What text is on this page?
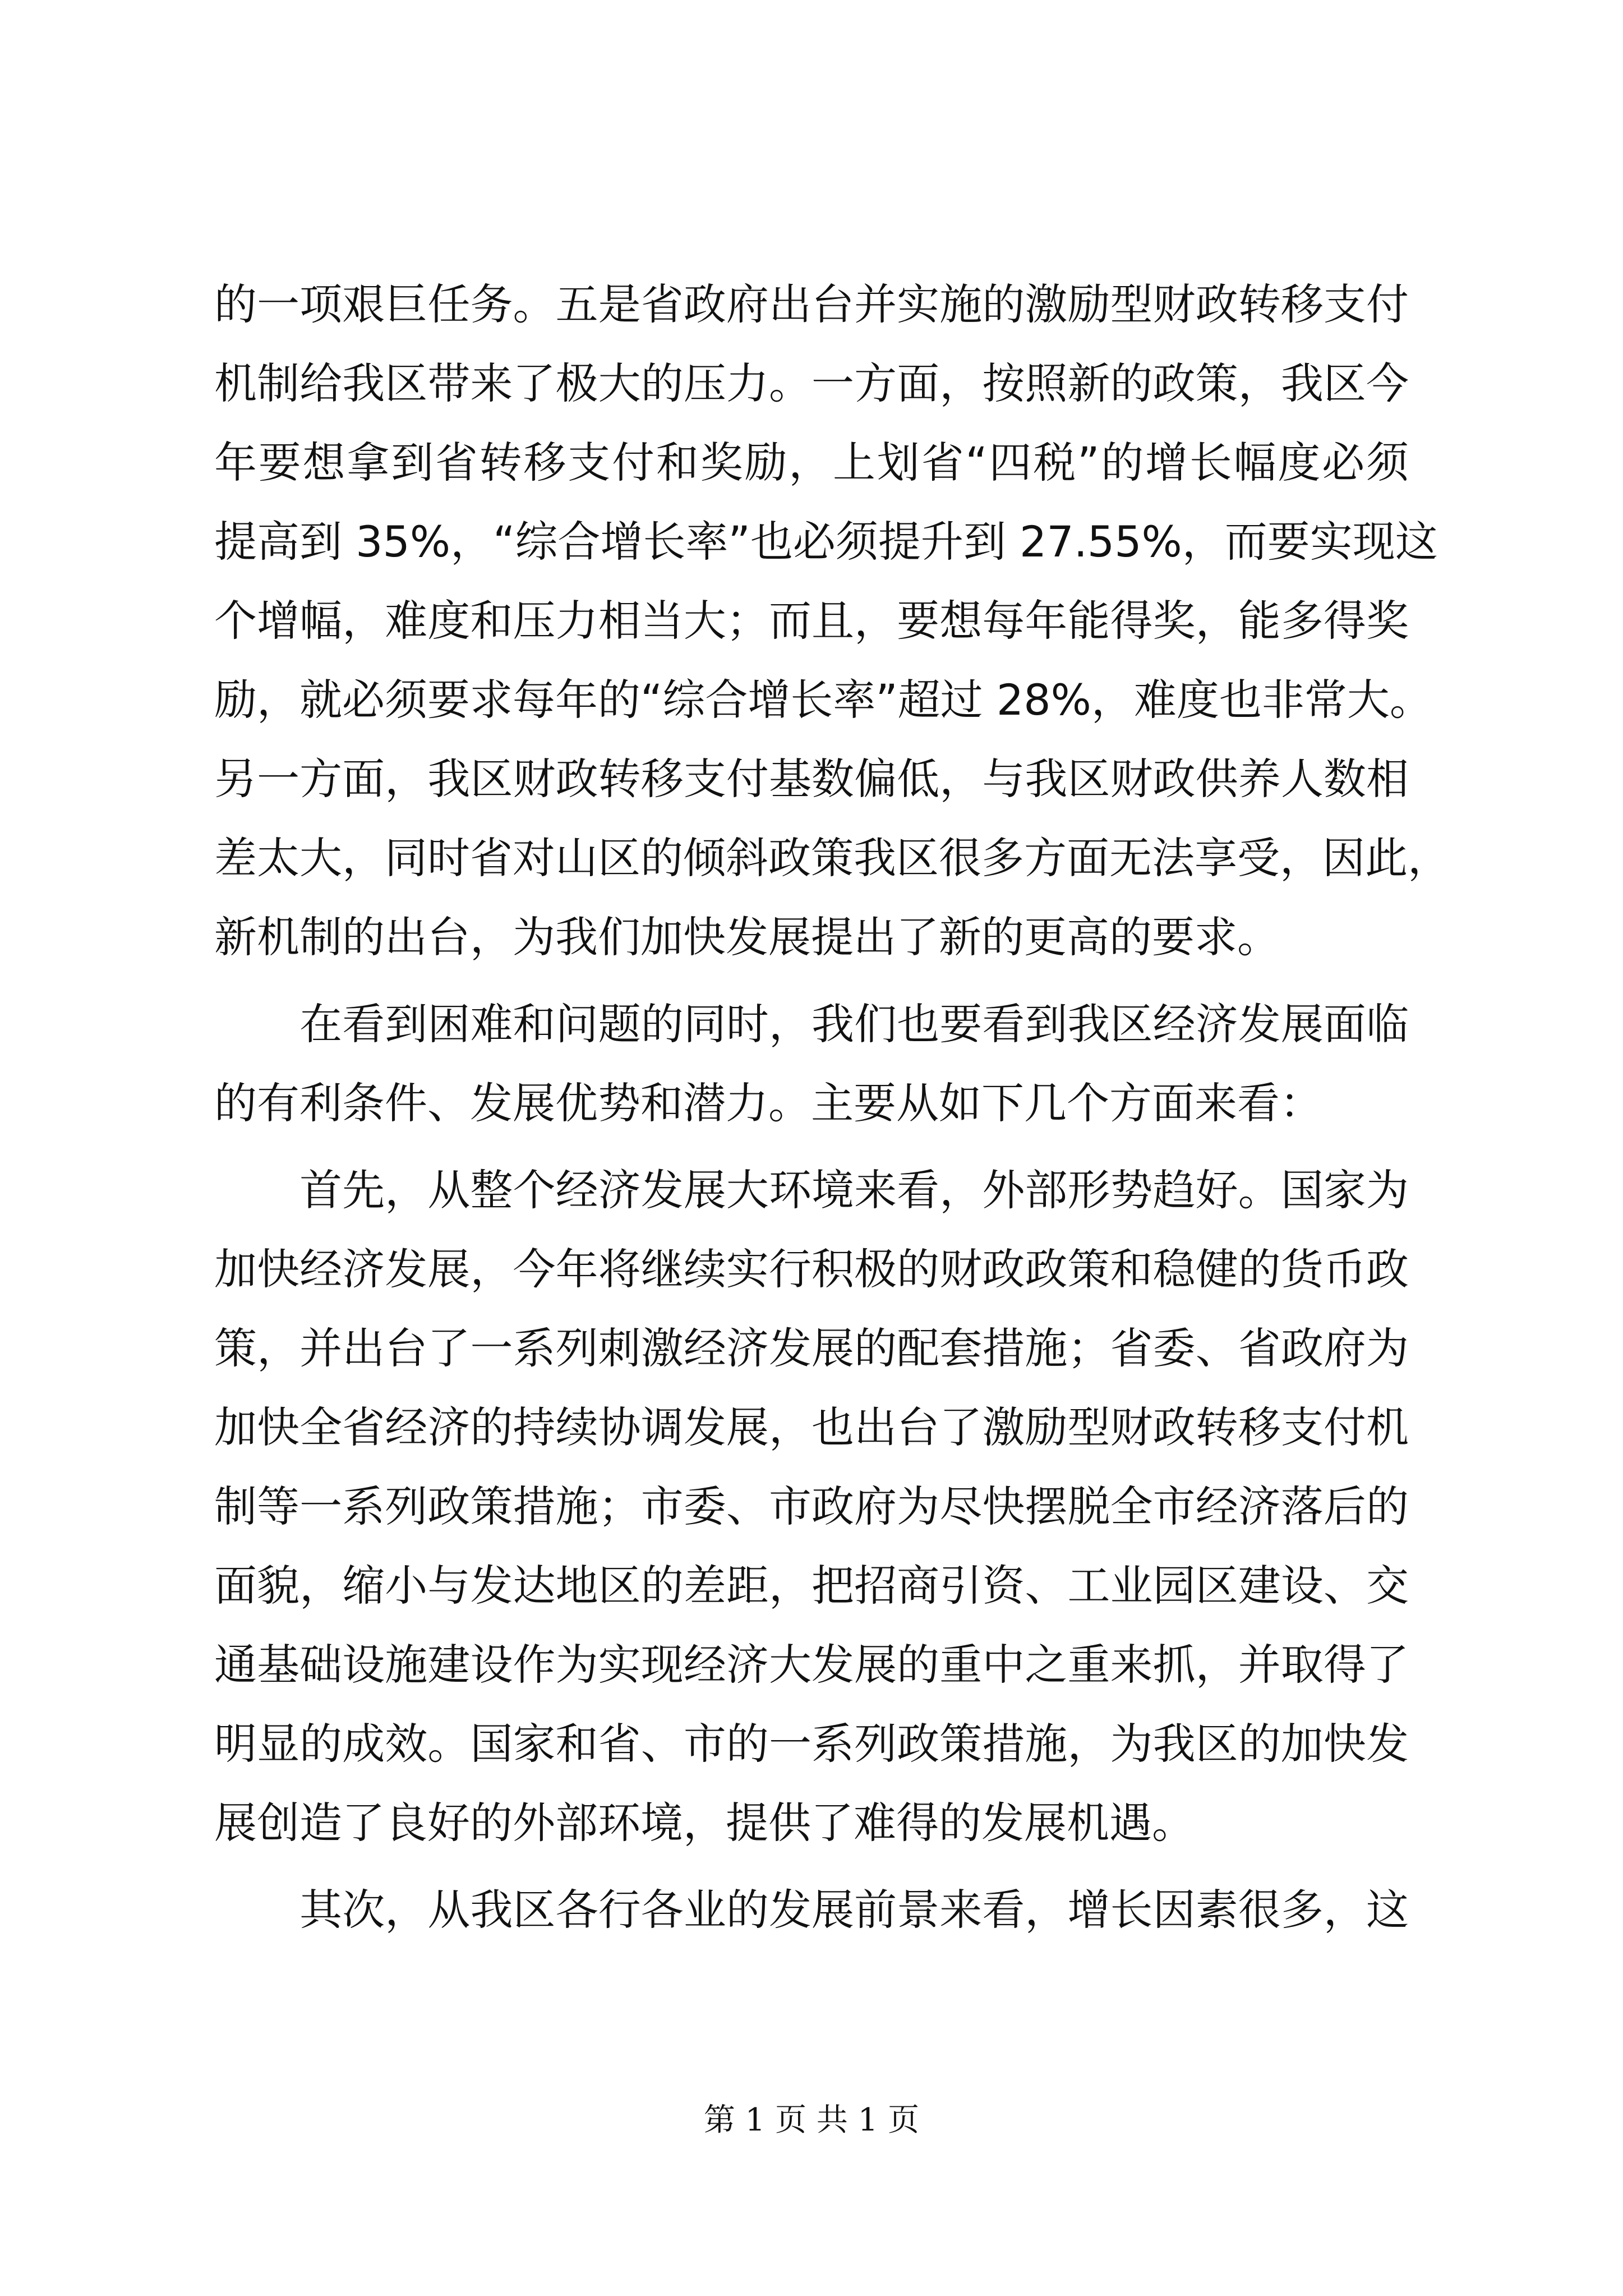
的一项艰巨任务。五是省政府出台并实施的激励型财政转移支付
机制给我区带来了极大的压力。一方面，按照新的政策，我区今
年要想拿到省转移支付和奖励，上划省“四税”的增长幅度必须
提高到 35%，“综合增长率”也必须提升到 27.55%，而要实现这
个增幅，难度和压力相当大；而且，要想每年能得奖，能多得奖
励，就必须要求每年的“综合增长率”超过 28%，难度也非常大。
另一方面，我区财政转移支付基数偏低，与我区财政供养人数相
差太大，同时省对山区的倾斜政策我区很多方面无法享受，因此，
新机制的出台，为我们加快发展提出了新的更高的要求。
　　在看到困难和问题的同时，我们也要看到我区经济发展面临
的有利条件、发展优势和潜力。主要从如下几个方面来看：
　　首先，从整个经济发展大环境来看，外部形势趋好。国家为
加快经济发展，今年将继续实行积极的财政政策和稳健的货币政
策，并出台了一系列刺激经济发展的配套措施；省委、省政府为
加快全省经济的持续协调发展，也出台了激励型财政转移支付机
制等一系列政策措施；市委、市政府为尽快摆脱全市经济落后的
面貌，缩小与发达地区的差距，把招商引资、工业园区建设、交
通基础设施建设作为实现经济大发展的重中之重来抓，并取得了
明显的成效。国家和省、市的一系列政策措施，为我区的加快发
展创造了良好的外部环境，提供了难得的发展机遇。
　　其次，从我区各行各业的发展前景来看，增长因素很多，这
第 1 页 共 1 页
